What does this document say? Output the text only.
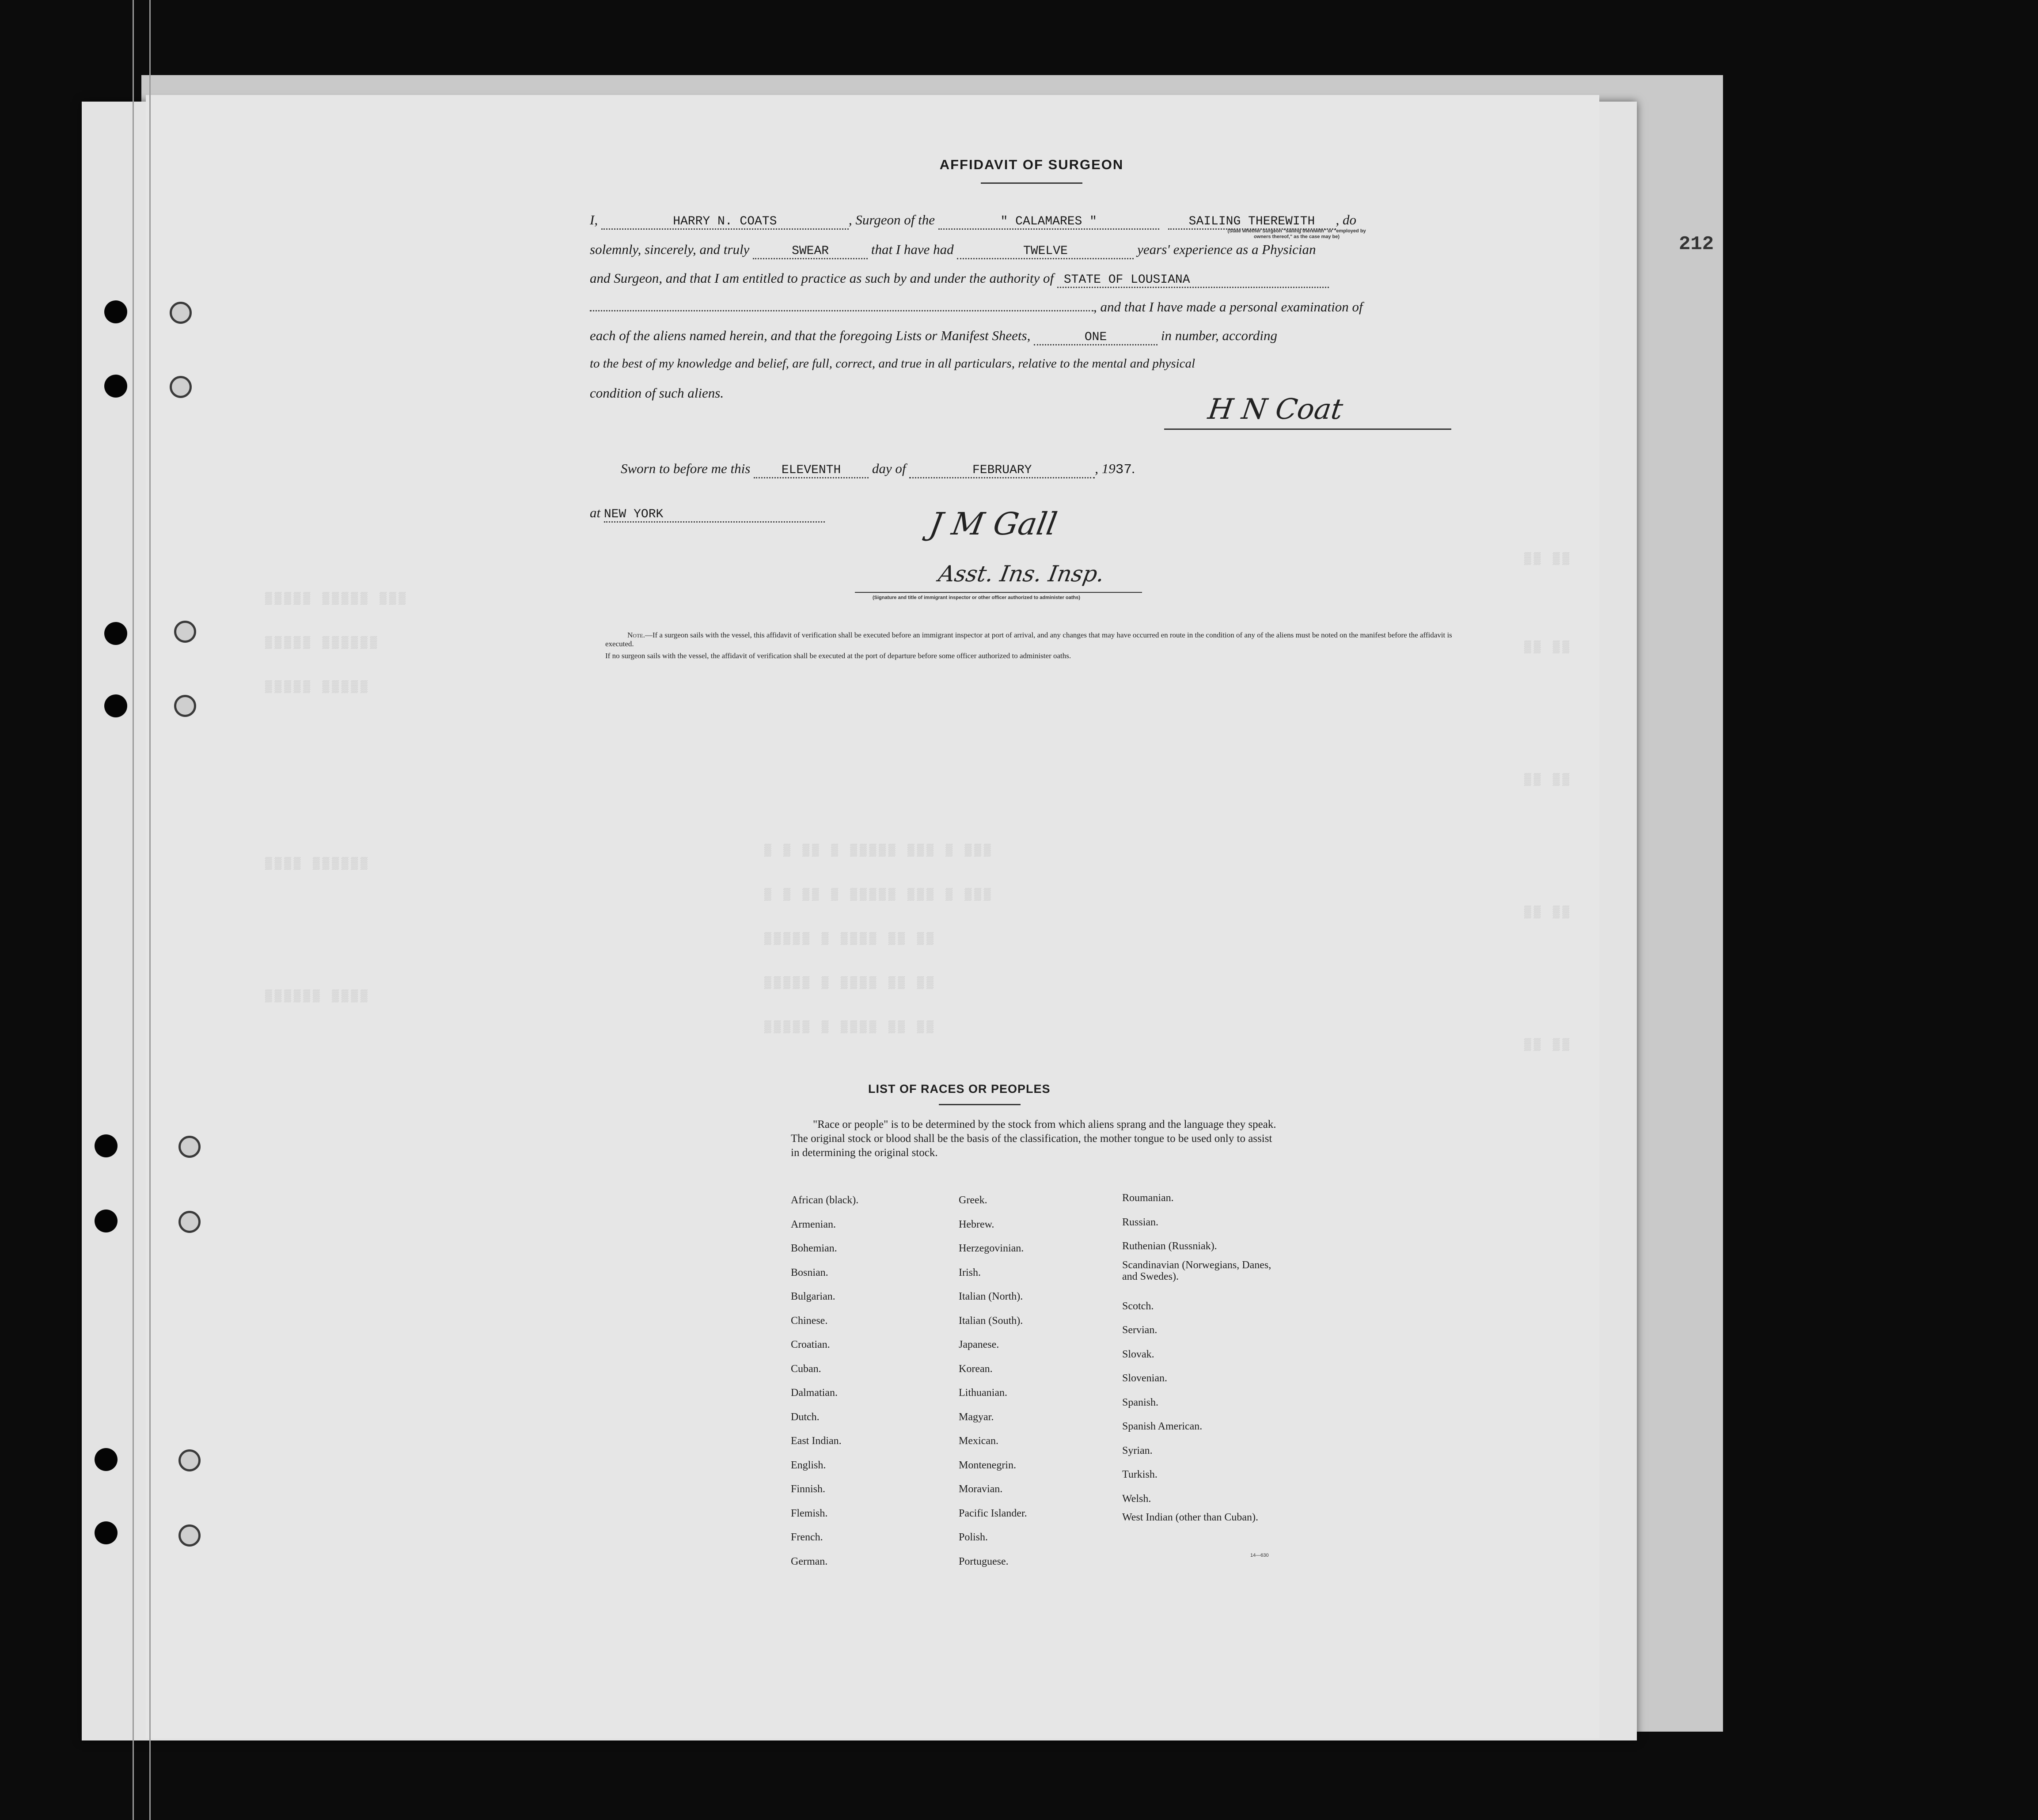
▒▒▒▒▒ ▒▒▒▒▒ ▒▒▒
▒▒▒▒▒ ▒▒▒▒▒▒
▒▒▒▒▒ ▒▒▒▒▒
▒▒▒▒ ▒▒▒▒▒▒
▒▒▒▒▒▒ ▒▒▒▒
▒ ▒ ▒▒ ▒ ▒▒▒▒▒ ▒▒▒ ▒ ▒▒▒
▒ ▒ ▒▒ ▒ ▒▒▒▒▒ ▒▒▒ ▒ ▒▒▒
▒▒▒▒▒ ▒ ▒▒▒▒ ▒▒ ▒▒
▒▒▒▒▒ ▒ ▒▒▒▒ ▒▒ ▒▒
▒▒▒▒▒ ▒ ▒▒▒▒ ▒▒ ▒▒
▒▒ ▒▒
▒▒ ▒▒
▒▒ ▒▒
▒▒ ▒▒
▒▒ ▒▒
212
AFFIDAVIT OF SURGEON
I,	HARRY N. COATS	, Surgeon of the	" CALAMARES "	SAILING THEREWITH , do
(State whether Surgeon "sailing therewith" or "employed by owners thereof," as the case may be)
solemnly, sincerely, and truly	SWEAR	that I have had	TWELVE	years' experience as a Physician
and Surgeon, and that I am entitled to practice as such by and under the authority of STATE OF LOUSIANA
, and that I have made a personal examination of
each of the aliens named herein, and that the foregoing Lists or Manifest Sheets,	ONE	in number, according
to the best of my knowledge and belief, are full, correct, and true in all particulars, relative to the mental and physical
condition of such aliens.
H N Coat
Sworn to before me this	ELEVENTH day of	FEBRUARY	, 1937.
at NEW YORK	J M Gall
Asst. Ins. Insp.
(Signature and title of immigrant inspector or other officer authorized to administer oaths)
Note.—If a surgeon sails with the vessel, this affidavit of verification shall be executed before an immigrant inspector at port of arrival, and any changes that may have occurred en route in the condition of any of the aliens must be noted on the manifest before the affidavit is executed.
If no surgeon sails with the vessel, the affidavit of verification shall be executed at the port of departure before some officer authorized to administer oaths.
LIST OF RACES OR PEOPLES
"Race or people" is to be determined by the stock from which aliens sprang and the language they speak. The original stock or blood shall be the basis of the classification, the mother tongue to be used only to assist in determining the original stock.
African (black).
Armenian.
Bohemian.
Bosnian.
Bulgarian.
Chinese.
Croatian.
Cuban.
Dalmatian.
Dutch.
East Indian.
English.
Finnish.
Flemish.
French.
German.
Greek.
Hebrew.
Herzegovinian.
Irish.
Italian (North).
Italian (South).
Japanese.
Korean.
Lithuanian.
Magyar.
Mexican.
Montenegrin.
Moravian.
Pacific Islander.
Polish.
Portuguese.
Roumanian.
Russian.
Ruthenian (Russniak).
Scandinavian (Norwegians, Danes, and Swedes).
Scotch.
Servian.
Slovak.
Slovenian.
Spanish.
Spanish American.
Syrian.
Turkish.
Welsh.
West Indian (other than Cuban).
14—630
